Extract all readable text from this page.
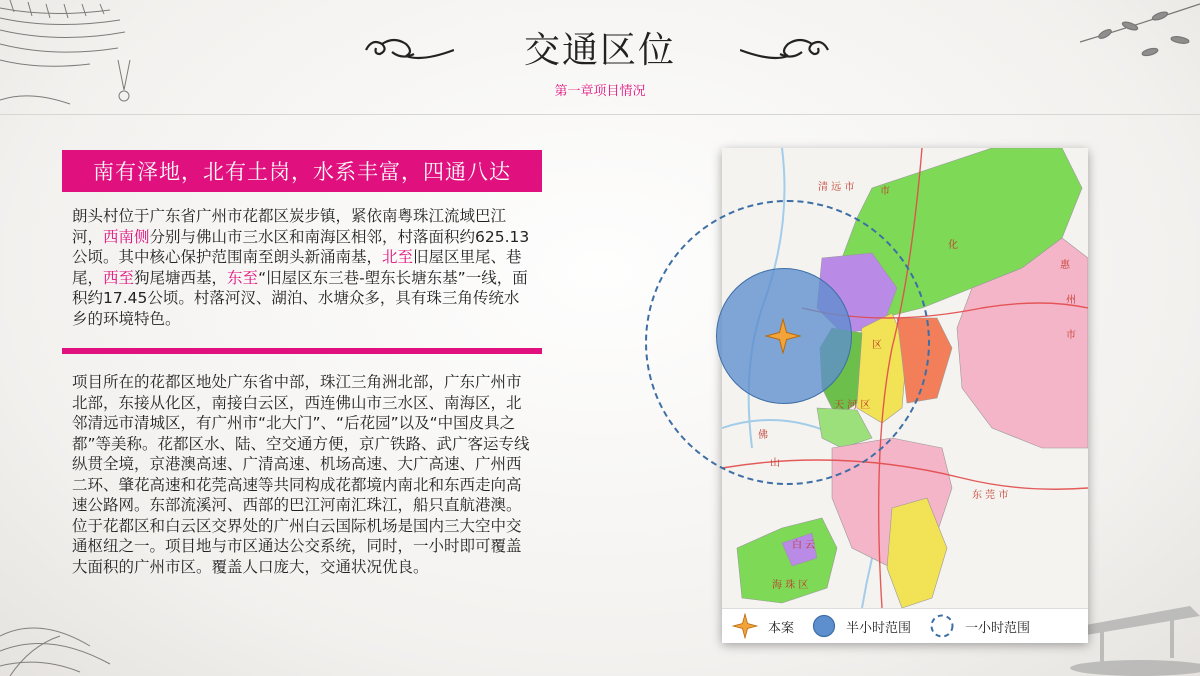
交通区位
第一章项目情况
南有泽地，北有土岗，水系丰富，四通八达
朗头村位于广东省广州市花都区炭步镇，紧依南粤珠江流域巴江河，西南侧分别与佛山市三水区和南海区相邻，村落面积约625.13公顷。其中核心保护范围南至朗头新涌南基，北至旧屋区里尾、巷尾，西至狗尾塘西基，东至“旧屋区东三巷-塱东长塘东基”一线，面积约17.45公顷。村落河汊、湖泊、水塘众多，具有珠三角传统水乡的环境特色。
项目所在的花都区地处广东省中部，珠江三角洲北部，广东广州市北部，东接从化区，南接白云区，西连佛山市三水区、南海区，北邻清远市清城区，有广州市“北大门”、“后花园”以及“中国皮具之都”等美称。花都区水、陆、空交通方便，京广铁路、武广客运专线纵贯全境，京港澳高速、广清高速、机场高速、大广高速、广州西二环、肇花高速和花莞高速等共同构成花都境内南北和东西走向高速公路网。东部流溪河、西部的巴江河南汇珠江，船只直航港澳。位于花都区和白云区交界处的广州白云国际机场是国内三大空中交通枢纽之一。项目地与市区通达公交系统，同时，一小时即可覆盖大面积的广州市区。覆盖人口庞大，交通状况优良。
清 远 市	市
化
惠
州
市
佛
山
东 莞 市
海 珠 区
天 河 区
区
白 云
本案	半小时范围	一小时范围
